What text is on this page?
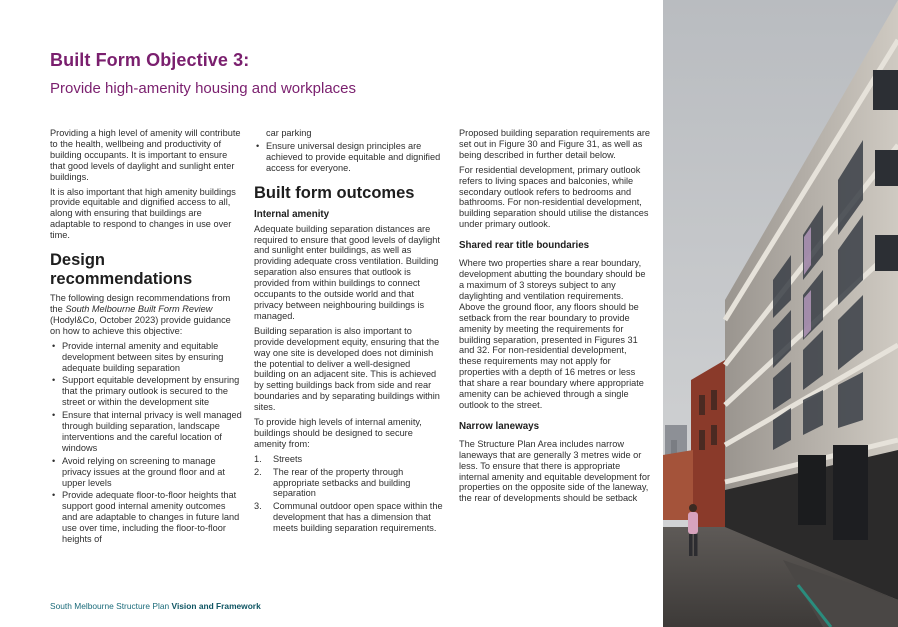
Built Form Objective 3:
Provide high-amenity housing and workplaces

Providing a high level of amenity will contribute to the health, wellbeing and productivity of building occupants. It is important to ensure that good levels of daylight and sunlight enter buildings.

It is also important that high amenity buildings provide equitable and dignified access to all, along with ensuring that buildings are adaptable to respond to changes in use over time.

Design recommendations

The following design recommendations from the South Melbourne Built Form Review (Hodyl&Co, October 2023) provide guidance on how to achieve this objective:

• Provide internal amenity and equitable development between sites by ensuring adequate building separation
• Support equitable development by ensuring that the primary outlook is secured to the street or within the development site
• Ensure that internal privacy is well managed through building separation, landscape interventions and the careful location of windows
• Avoid relying on screening to manage privacy issues at the ground floor and at upper levels
• Provide adequate floor-to-floor heights that support good internal amenity outcomes and are adaptable to changes in future land use over time, including the floor-to-floor heights of

car parking

• Ensure universal design principles are achieved to provide equitable and dignified access for everyone.
Built form outcomes
Internal amenity

Adequate building separation distances are required to ensure that good levels of daylight and sunlight enter buildings, as well as providing adequate cross ventilation. Building separation also ensures that outlook is provided from within buildings to connect occupants to the outside world and that privacy between neighbouring buildings is managed.

Building separation is also important to provide development equity, ensuring that the way one site is developed does not diminish the potential to deliver a well-designed building on an adjacent site. This is achieved by setting buildings back from side and rear boundaries and by separating buildings within sites.

To provide high levels of internal amenity, buildings should be designed to secure amenity from:

1. Streets
2. The rear of the property through appropriate setbacks and building separation
3. Communal outdoor open space within the development that has a dimension that meets building separation requirements.

Proposed building separation requirements are set out in Figure 30 and Figure 31, as well as being described in further detail below.

For residential development, primary outlook refers to living spaces and balconies, while secondary outlook refers to bedrooms and bathrooms. For non-residential development, building separation should utilise the distances under primary outlook.

Shared rear title boundaries

Where two properties share a rear boundary, development abutting the boundary should be a maximum of 3 storeys subject to any daylighting and ventilation requirements. Above the ground floor, any floors should be setback from the rear boundary to provide amenity by meeting the requirements for building separation, presented in Figures 31 and 32. For non-residential development, these requirements may not apply for properties with a depth of 16 metres or less that share a rear boundary where appropriate amenity can be achieved through a single outlook to the street.

Narrow laneways

The Structure Plan Area includes narrow laneways that are generally 3 metres wide or less. To ensure that there is appropriate internal amenity and equitable development for properties on the opposite side of the laneway, the rear of developments should be setback

South Melbourne Structure Plan Vision and Framework
